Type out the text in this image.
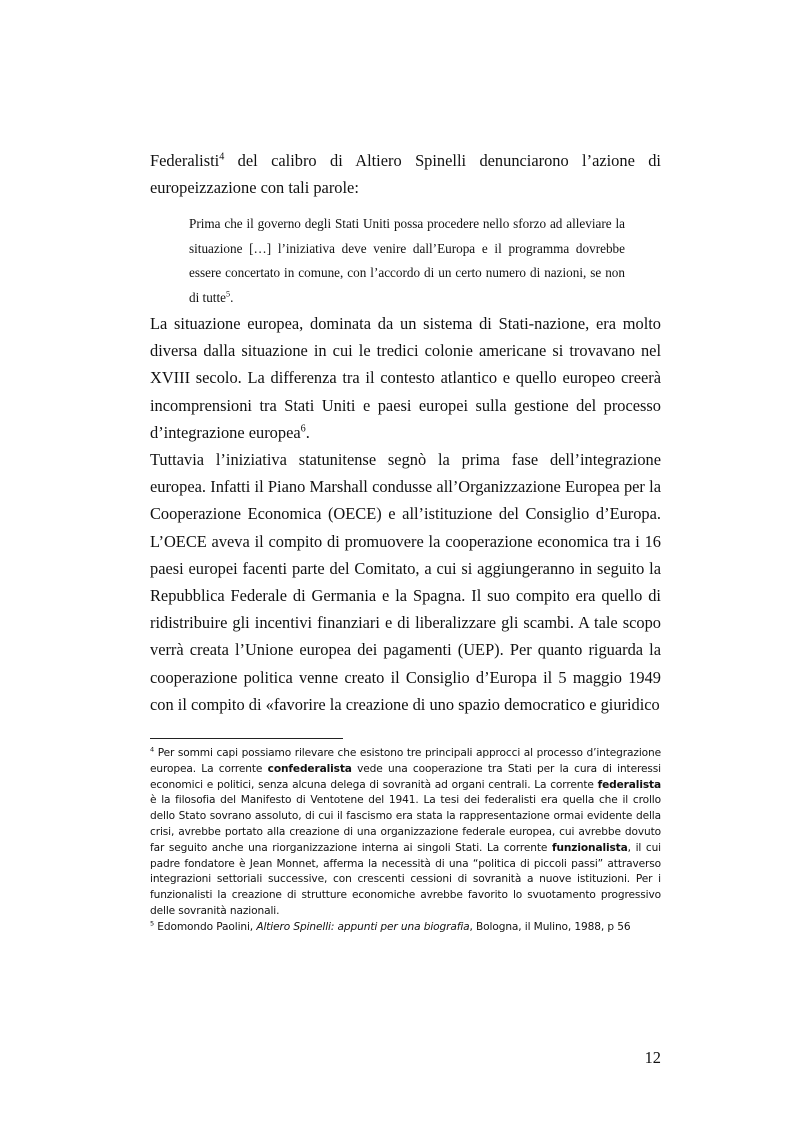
Federalisti$^4$ del calibro di Altiero Spinelli denunciarono l’azione di europeizzazione con tali parole:

Prima che il governo degli Stati Uniti possa procedere nello sforzo ad alleviare la situazione […] l’iniziativa deve venire dall’Europa e il programma dovrebbe essere concertato in comune, con l’accordo di un certo numero di nazioni, se non di tutte$^5$.

La situazione europea, dominata da un sistema di Stati-nazione, era molto diversa dalla situazione in cui le tredici colonie americane si trovavano nel XVIII secolo. La differenza tra il contesto atlantico e quello europeo creerà incomprensioni tra Stati Uniti e paesi europei sulla gestione del processo d’integrazione europea$^6$.

Tuttavia l’iniziativa statunitense segnò la prima fase dell’integrazione europea. Infatti il Piano Marshall condusse all’Organizzazione Europea per la Cooperazione Economica (OECE) e all’istituzione del Consiglio d’Europa. L’OECE aveva il compito di promuovere la cooperazione economica tra i 16 paesi europei facenti parte del Comitato, a cui si aggiungeranno in seguito la Repubblica Federale di Germania e la Spagna. Il suo compito era quello di ridistribuire gli incentivi finanziari e di liberalizzare gli scambi. A tale scopo verrà creata l’Unione europea dei pagamenti (UEP). Per quanto riguarda la cooperazione politica venne creato il Consiglio d’Europa il 5 maggio 1949 con il compito di «favorire la creazione di uno spazio democratico e giuridico

$^4$ Per sommi capi possiamo rilevare che esistono tre principali approcci al processo d’integrazione europea. La corrente confederalista vede una cooperazione tra Stati per la cura di interessi economici e politici, senza alcuna delega di sovranità ad organi centrali. La corrente federalista è la filosofia del Manifesto di Ventotene del 1941. La tesi dei federalisti era quella che il crollo dello Stato sovrano assoluto, di cui il fascismo era stata la rappresentazione ormai evidente della crisi, avrebbe portato alla creazione di una organizzazione federale europea, cui avrebbe dovuto far seguito anche una riorganizzazione interna ai singoli Stati. La corrente funzionalista, il cui padre fondatore è Jean Monnet, afferma la necessità di una “politica di piccoli passi” attraverso integrazioni settoriali successive, con crescenti cessioni di sovranità a nuove istituzioni. Per i funzionalisti la creazione di strutture economiche avrebbe favorito lo svuotamento progressivo delle sovranità nazionali.

$^5$ Edomondo Paolini, Altiero Spinelli: appunti per una biografia, Bologna, il Mulino, 1988, p 56

12
